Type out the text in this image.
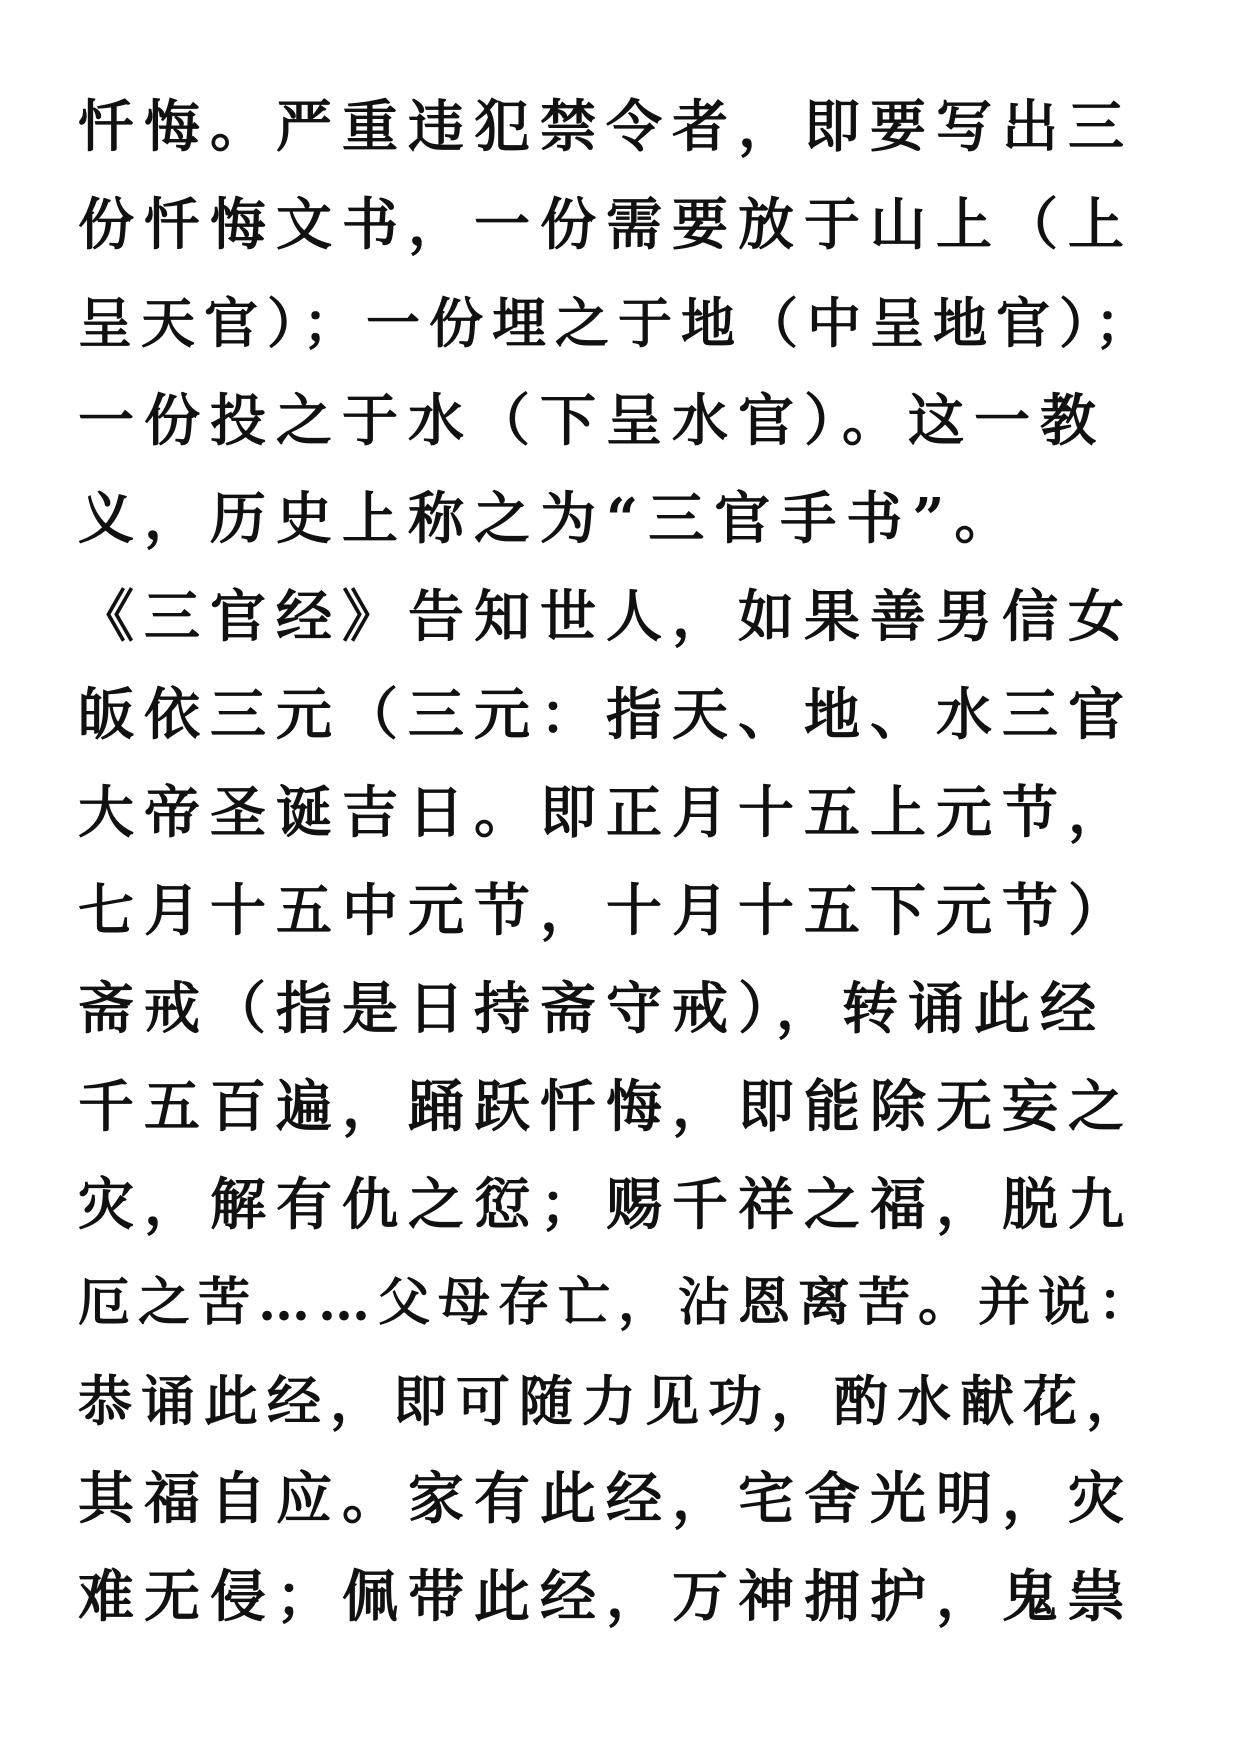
忏悔。严重违犯禁令者，即要写出三
份忏悔文书，一份需要放于山上（上
呈天官）；一份埋之于地（中呈地官）；
一份投之于水（下呈水官）。这一教
义，历史上称之为“三官手书”。
《三官经》告知世人，如果善男信女
皈依三元（三元：指天、地、水三官
大帝圣诞吉日。即正月十五上元节，
七月十五中元节，十月十五下元节）
斋戒（指是日持斋守戒），转诵此经
千五百遍，踊跃忏悔，即能除无妄之
灾，解有仇之愆；赐千祥之福，脱九
厄之苦……父母存亡，沾恩离苦。并说：
恭诵此经，即可随力见功，酌水献花，
其福自应。家有此经，宅舍光明，灾
难无侵；佩带此经，万神拥护，鬼祟
